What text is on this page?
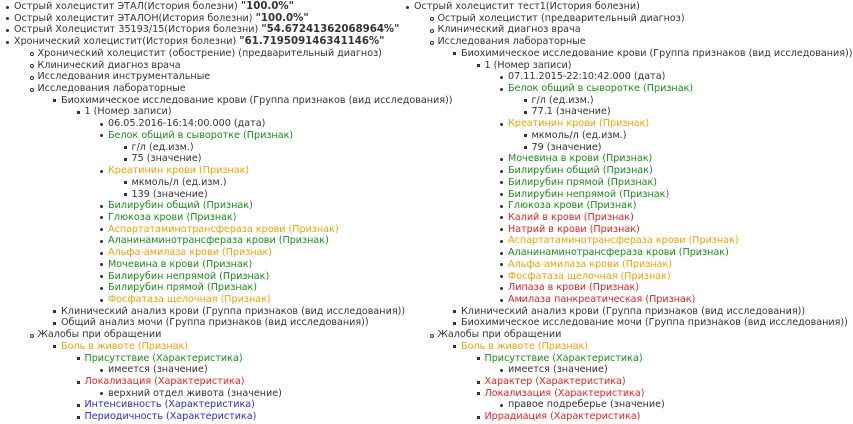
Острый холецистит ЭТАЛ(История болезни) "100.0%"
Острый холецистит ЭТАЛОН(История болезни) "100.0%"
Острый Холецистит 35193/15(История болезни) "54.67241362068964%"
Хронический холецистит(История болезни) "61.719509146341146%"
Хронический холецистит (обострение) (предварительный диагноз)
Клинический диагноз врача
Исследования инструментальные
Исследования лабораторные
Биохимическое исследование крови (Группа признаков (вид исследования))
1 (Номер записи)
06.05.2016-16:14:00.000 (дата)
Белок общий в сыворотке (Признак)
г/л (ед.изм.)
75 (значение)
Креатинин крови (Признак)
мкмоль/л (ед.изм.)
139 (значение)
Билирубин общий (Признак)
Глюкоза крови (Признак)
Аспартатаминотрансфераза крови (Признак)
Аланинаминотрансфераза крови (Признак)
Альфа-амилаза крови (Признак)
Мочевина в крови (Признак)
Билирубин непрямой (Признак)
Билирубин прямой (Признак)
Фосфатаза щелочная (Признак)
Клинический анализ крови (Группа признаков (вид исследования))
Общий анализ мочи (Группа признаков (вид исследования))
Жалобы при обращении
Боль в животе (Признак)
Присутствие (Характеристика)
имеется (значение)
Локализация (Характеристика)
верхний отдел живота (значение)
Интенсивность (Характеристика)
Периодичность (Характеристика)
Острый холецистит тест1(История болезни)
Острый холецистит (предварительный диагноз)
Клинический диагноз врача
Исследования лабораторные
Биохимическое исследование крови (Группа признаков (вид исследования))
1 (Номер записи)
07.11.2015-22:10:42.000 (дата)
Белок общий в сыворотке (Признак)
г/л (ед.изм.)
77.1 (значение)
Креатинин крови (Признак)
мкмоль/л (ед.изм.)
79 (значение)
Мочевина в крови (Признак)
Билирубин общий (Признак)
Билирубин прямой (Признак)
Билирубин непрямой (Признак)
Глюкоза крови (Признак)
Калий в крови (Признак)
Натрий в крови (Признак)
Аспартатаминотрансфераза крови (Признак)
Аланинаминотрансфераза крови (Признак)
Альфа-амилаза крови (Признак)
Фосфатаза щелочная (Признак)
Липаза в крови (Признак)
Амилаза панкреатическая (Признак)
Клинический анализ крови (Группа признаков (вид исследования))
Биохимическое исследование мочи (Группа признаков (вид исследования))
Жалобы при обращении
Боль в животе (Признак)
Присутствие (Характеристика)
имеется (значение)
Характер (Характеристика)
Локализация (Характеристика)
правое подреберье (значение)
Иррадиация (Характеристика)
